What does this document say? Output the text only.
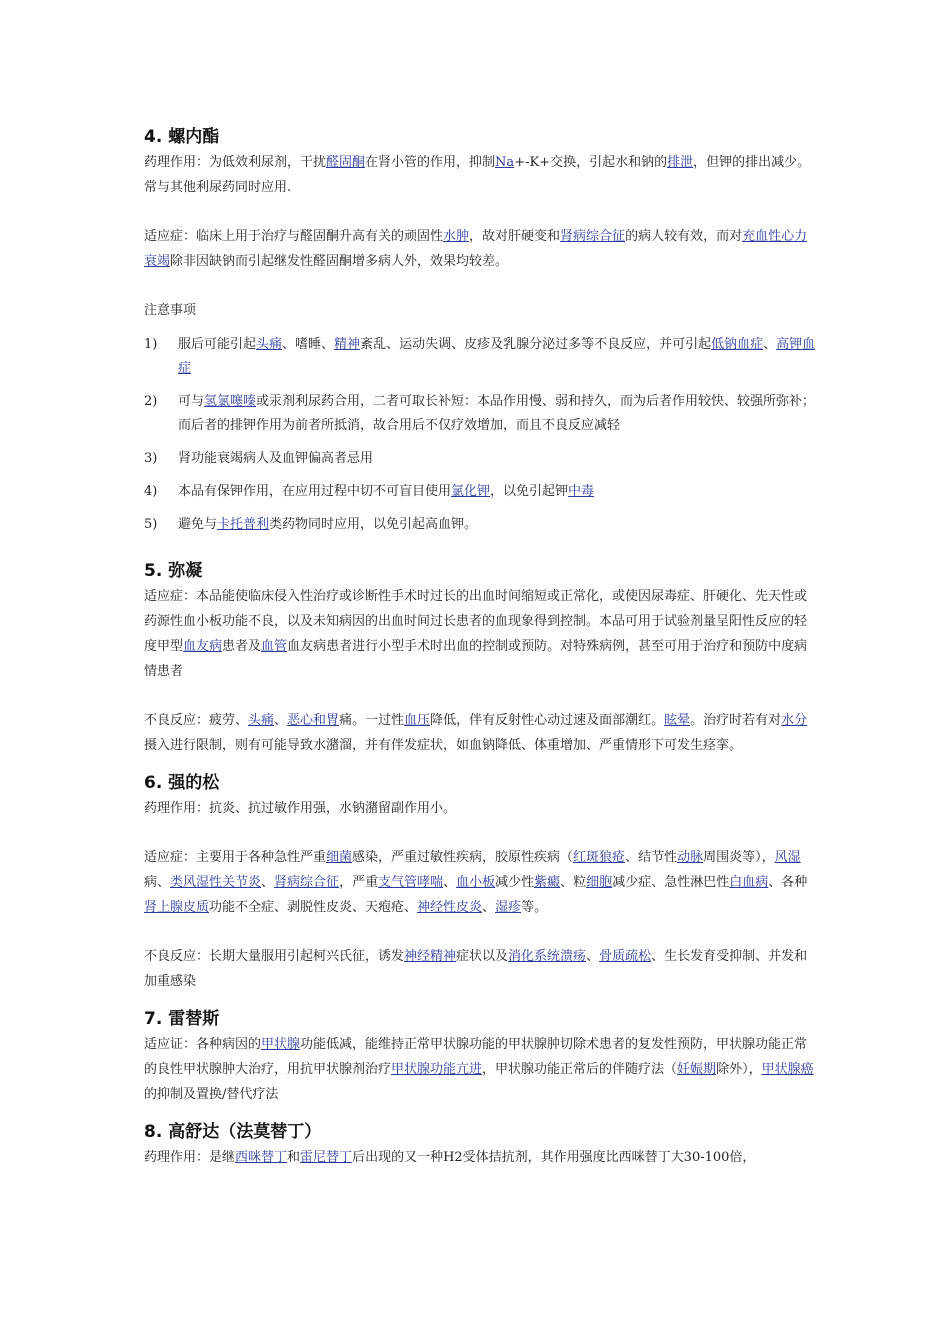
4. 螺内酯

药理作用：为低效利尿剂，干扰醛固酮在肾小管的作用，抑制Na+-K+交换，引起水和钠的排泄，但钾的排出减少。常与其他利尿药同时应用.

适应症：临床上用于治疗与醛固酮升高有关的顽固性水肿，故对肝硬变和肾病综合征的病人较有效，而对充血性心力衰竭除非因缺钠而引起继发性醛固酮增多病人外，效果均较差。

注意事项

1) 服后可能引起头痛、嗜睡、精神紊乱、运动失调、皮疹及乳腺分泌过多等不良反应，并可引起低钠血症、高钾血症
2) 可与氢氯噻嗪或汞剂利尿药合用，二者可取长补短：本品作用慢、弱和持久，而为后者作用较快、较强所弥补；而后者的排钾作用为前者所抵消，故合用后不仅疗效增加，而且不良反应减轻
3) 肾功能衰竭病人及血钾偏高者忌用
4) 本品有保钾作用，在应用过程中切不可盲目使用氯化钾，以免引起钾中毒
5) 避免与卡托普利类药物同时应用，以免引起高血钾。
5. 弥凝

适应症：本品能使临床侵入性治疗或诊断性手术时过长的出血时间缩短或正常化，或使因尿毒症、肝硬化、先天性或药源性血小板功能不良，以及未知病因的出血时间过长患者的血现象得到控制。本品可用于试验剂量呈阳性反应的轻度甲型血友病患者及血管血友病患者进行小型手术时出血的控制或预防。对特殊病例，甚至可用于治疗和预防中度病情患者

不良反应：疲劳、头痛、恶心和胃痛。一过性血压降低，伴有反射性心动过速及面部潮红。眩晕。治疗时若有对水分摄入进行限制，则有可能导致水潴溜，并有伴发症状，如血钠降低、体重增加、严重情形下可发生痉挛。

6. 强的松

药理作用：抗炎、抗过敏作用强，水钠潴留副作用小。

适应症：主要用于各种急性严重细菌感染，严重过敏性疾病，胶原性疾病（红斑狼疮、结节性动脉周围炎等），风湿病、类风湿性关节炎、肾病综合征，严重支气管哮喘、血小板减少性紫癜、粒细胞减少症、急性淋巴性白血病、各种肾上腺皮质功能不全症、剥脱性皮炎、天疱疮、神经性皮炎、湿疹等。

不良反应：长期大量服用引起柯兴氏征，诱发神经精神症状以及消化系统溃疡、骨质疏松、生长发育受抑制、并发和加重感染

7. 雷替斯

适应证：各种病因的甲状腺功能低减，能维持正常甲状腺功能的甲状腺肿切除术患者的复发性预防，甲状腺功能正常的良性甲状腺肿大治疗，用抗甲状腺剂治疗甲状腺功能亢进，甲状腺功能正常后的伴随疗法（妊娠期除外），甲状腺癌的抑制及置换/替代疗法

8. 高舒达（法莫替丁）

药理作用：是继西咪替丁和雷尼替丁后出现的又一种H2受体拮抗剂，其作用强度比西咪替丁大30-100倍，
